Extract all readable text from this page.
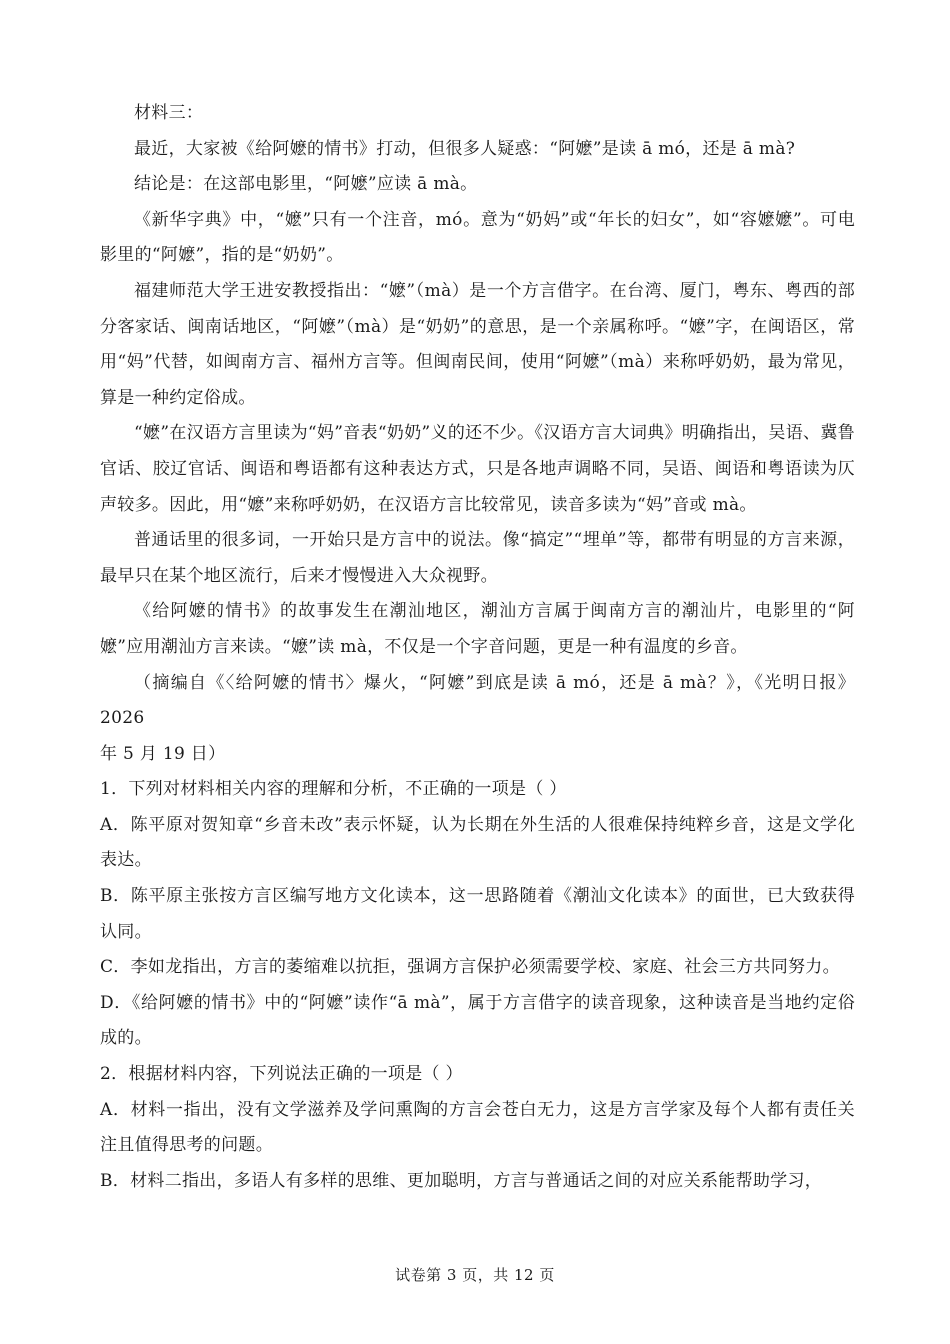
材料三：

最近，大家被《给阿嬷的情书》打动，但很多人疑惑：“阿嬷”是读 ā mó，还是 ā mà?

结论是：在这部电影里，“阿嬷”应读 ā mà。

《新华字典》中，“嬷”只有一个注音，mó。意为“奶妈”或“年长的妇女”，如“容嬷嬷”。可电影里的“阿嬷”，指的是“奶奶”。

福建师范大学王进安教授指出：“嬷”（mà）是一个方言借字。在台湾、厦门，粤东、粤西的部分客家话、闽南话地区，“阿嬷”（mà）是“奶奶”的意思，是一个亲属称呼。“嬷”字，在闽语区，常用“妈”代替，如闽南方言、福州方言等。但闽南民间，使用“阿嬷”（mà）来称呼奶奶，最为常见，算是一种约定俗成。

“嬷”在汉语方言里读为“妈”音表“奶奶”义的还不少。《汉语方言大词典》明确指出，吴语、冀鲁官话、胶辽官话、闽语和粤语都有这种表达方式，只是各地声调略不同，吴语、闽语和粤语读为仄声较多。因此，用“嬷”来称呼奶奶，在汉语方言比较常见，读音多读为“妈”音或 mà。

普通话里的很多词，一开始只是方言中的说法。像“搞定”“埋单”等，都带有明显的方言来源，最早只在某个地区流行，后来才慢慢进入大众视野。

《给阿嬷的情书》的故事发生在潮汕地区，潮汕方言属于闽南方言的潮汕片，电影里的“阿嬷”应用潮汕方言来读。“嬷”读 mà，不仅是一个字音问题，更是一种有温度的乡音。

（摘编自《〈给阿嬷的情书〉爆火，“阿嬷”到底是读 ā mó，还是 ā mà？》，《光明日报》2026

年 5 月 19 日）

1．下列对材料相关内容的理解和分析，不正确的一项是（ ）

A．陈平原对贺知章“乡音未改”表示怀疑，认为长期在外生活的人很难保持纯粹乡音，这是文学化表达。

B．陈平原主张按方言区编写地方文化读本，这一思路随着《潮汕文化读本》的面世，已大致获得认同。

C．李如龙指出，方言的萎缩难以抗拒，强调方言保护必须需要学校、家庭、社会三方共同努力。

D．《给阿嬷的情书》中的“阿嬷”读作“ā mà”，属于方言借字的读音现象，这种读音是当地约定俗成的。

2．根据材料内容，下列说法正确的一项是（ ）

A．材料一指出，没有文学滋养及学问熏陶的方言会苍白无力，这是方言学家及每个人都有责任关注且值得思考的问题。

B．材料二指出，多语人有多样的思维、更加聪明，方言与普通话之间的对应关系能帮助学习，

试卷第 3 页，共 12 页
